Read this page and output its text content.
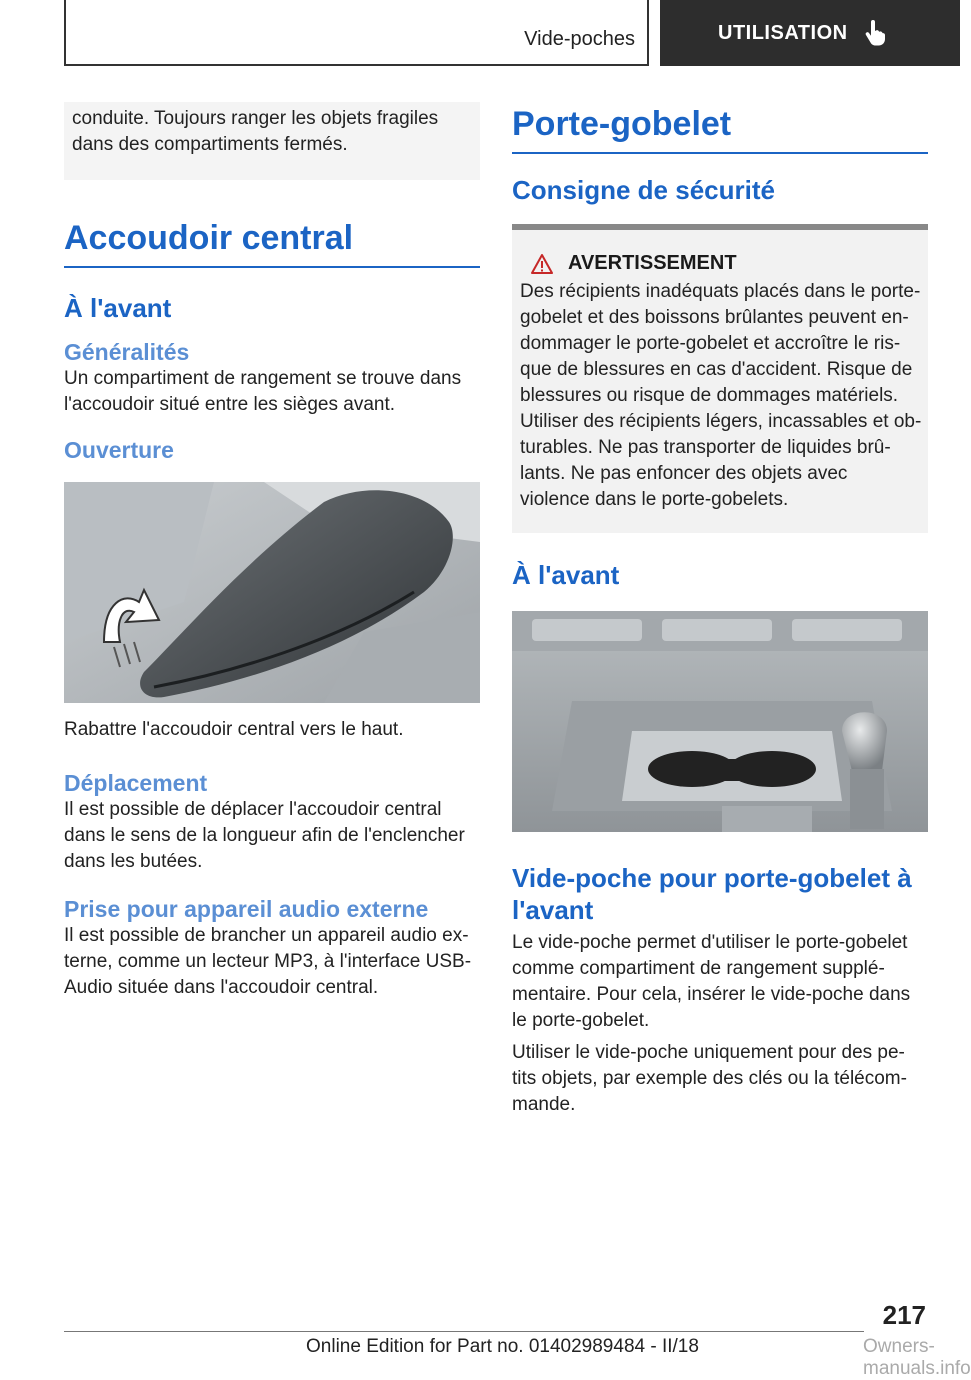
Vide-poches	UTILISATION
conduite. Toujours ranger les objets fragiles dans des compartiments fermés.
Accoudoir central
À l'avant
Généralités
Un compartiment de rangement se trouve dans l'accoudoir situé entre les sièges avant.
Ouverture
Rabattre l'accoudoir central vers le haut.
Déplacement
Il est possible de déplacer l'accoudoir central dans le sens de la longueur afin de l'enclencher dans les butées.
Prise pour appareil audio externe
Il est possible de brancher un appareil audio ex-terne, comme un lecteur MP3, à l'interface USB-Audio située dans l'accoudoir central.
Porte-gobelet
Consigne de sécurité
AVERTISSEMENT
Des récipients inadéquats placés dans le porte-gobelet et des boissons brûlantes peuvent en-dommager le porte-gobelet et accroître le ris-que de blessures en cas d'accident. Risque de blessures ou risque de dommages matériels. Utiliser des récipients légers, incassables et ob-turables. Ne pas transporter de liquides brû-lants. Ne pas enfoncer des objets avec violence dans le porte-gobelets.
À l'avant
Vide-poche pour porte-gobelet à l'avant
Le vide-poche permet d'utiliser le porte-gobelet comme compartiment de rangement supplé-mentaire. Pour cela, insérer le vide-poche dans le porte-gobelet.
Utiliser le vide-poche uniquement pour des pe-tits objets, par exemple des clés ou la télécom-mande.
217
Online Edition for Part no. 01402989484 - II/18	Owners-manuals.info
